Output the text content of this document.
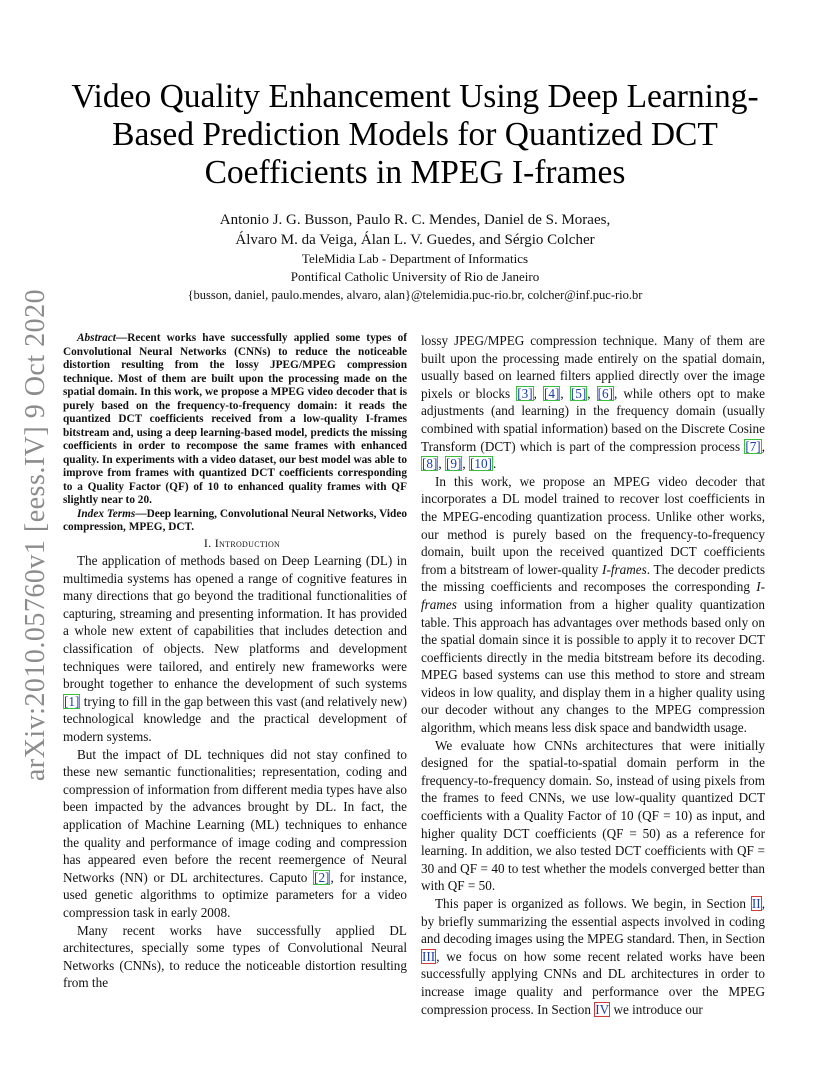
arXiv:2010.05760v1 [eess.IV] 9 Oct 2020
Video Quality Enhancement Using Deep Learning-Based Prediction Models for Quantized DCT Coefficients in MPEG I-frames
Antonio J. G. Busson, Paulo R. C. Mendes, Daniel de S. Moraes,
Álvaro M. da Veiga, Álan L. V. Guedes, and Sérgio Colcher
TeleMidia Lab - Department of Informatics
Pontifical Catholic University of Rio de Janeiro
{busson, daniel, paulo.mendes, alvaro, alan}@telemidia.puc-rio.br, colcher@inf.puc-rio.br

Abstract—Recent works have successfully applied some types of Convolutional Neural Networks (CNNs) to reduce the noticeable distortion resulting from the lossy JPEG/MPEG compression technique. Most of them are built upon the processing made on the spatial domain. In this work, we propose a MPEG video decoder that is purely based on the frequency-to-frequency domain: it reads the quantized DCT coefficients received from a low-quality I-frames bitstream and, using a deep learning-based model, predicts the missing coefficients in order to recompose the same frames with enhanced quality. In experiments with a video dataset, our best model was able to improve from frames with quantized DCT coefficients corresponding to a Quality Factor (QF) of 10 to enhanced quality frames with QF slightly near to 20.

Index Terms—Deep learning, Convolutional Neural Networks, Video compression, MPEG, DCT.

I. Introduction

The application of methods based on Deep Learning (DL) in multimedia systems has opened a range of cognitive features in many directions that go beyond the traditional functionalities of capturing, streaming and presenting information. It has provided a whole new extent of capabilities that includes detection and classification of objects. New platforms and development techniques were tailored, and entirely new frameworks were brought together to enhance the development of such systems [1] trying to fill in the gap between this vast (and relatively new) technological knowledge and the practical development of modern systems.

But the impact of DL techniques did not stay confined to these new semantic functionalities; representation, coding and compression of information from different media types have also been impacted by the advances brought by DL. In fact, the application of Machine Learning (ML) techniques to enhance the quality and performance of image coding and compression has appeared even before the recent reemergence of Neural Networks (NN) or DL architectures. Caputo [2], for instance, used genetic algorithms to optimize parameters for a video compression task in early 2008.

Many recent works have successfully applied DL architectures, specially some types of Convolutional Neural Networks (CNNs), to reduce the noticeable distortion resulting from the

lossy JPEG/MPEG compression technique. Many of them are built upon the processing made entirely on the spatial domain, usually based on learned filters applied directly over the image pixels or blocks [3], [4], [5], [6], while others opt to make adjustments (and learning) in the frequency domain (usually combined with spatial information) based on the Discrete Cosine Transform (DCT) which is part of the compression process [7], [8], [9], [10].

In this work, we propose an MPEG video decoder that incorporates a DL model trained to recover lost coefficients in the MPEG-encoding quantization process. Unlike other works, our method is purely based on the frequency-to-frequency domain, built upon the received quantized DCT coefficients from a bitstream of lower-quality I-frames. The decoder predicts the missing coefficients and recomposes the corresponding I-frames using information from a higher quality quantization table. This approach has advantages over methods based only on the spatial domain since it is possible to apply it to recover DCT coefficients directly in the media bitstream before its decoding. MPEG based systems can use this method to store and stream videos in low quality, and display them in a higher quality using our decoder without any changes to the MPEG compression algorithm, which means less disk space and bandwidth usage.

We evaluate how CNNs architectures that were initially designed for the spatial-to-spatial domain perform in the frequency-to-frequency domain. So, instead of using pixels from the frames to feed CNNs, we use low-quality quantized DCT coefficients with a Quality Factor of 10 (QF = 10) as input, and higher quality DCT coefficients (QF = 50) as a reference for learning. In addition, we also tested DCT coefficients with QF = 30 and QF = 40 to test whether the models converged better than with QF = 50.

This paper is organized as follows. We begin, in Section II, by briefly summarizing the essential aspects involved in coding and decoding images using the MPEG standard. Then, in Section III, we focus on how some recent related works have been successfully applying CNNs and DL architectures in order to increase image quality and performance over the MPEG compression process. In Section IV we introduce our
